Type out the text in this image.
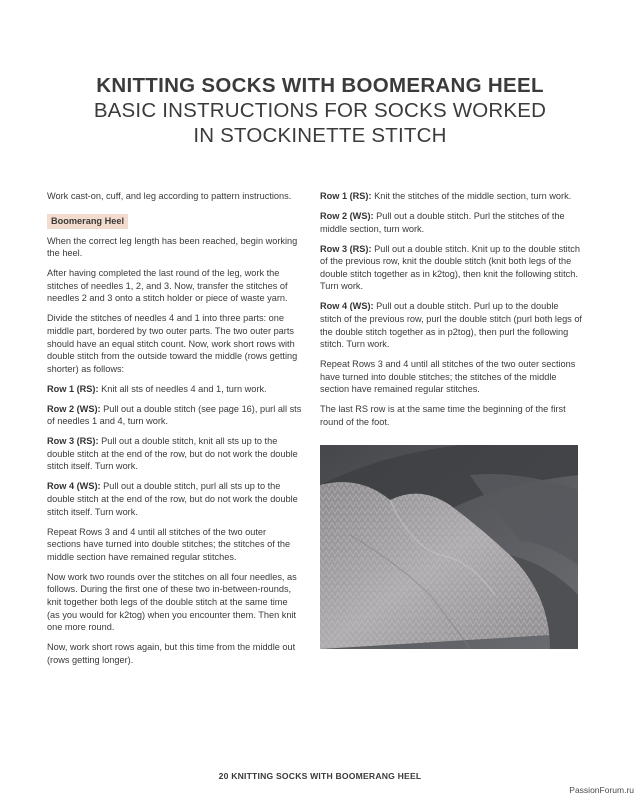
KNITTING SOCKS WITH BOOMERANG HEEL
BASIC INSTRUCTIONS FOR SOCKS WORKED
IN STOCKINETTE STITCH

Work cast-on, cuff, and leg according to pattern instructions.

Boomerang Heel

When the correct leg length has been reached, begin working the heel.

After having completed the last round of the leg, work the stitches of needles 1, 2, and 3. Now, transfer the stitches of needles 2 and 3 onto a stitch holder or piece of waste yarn.

Divide the stitches of needles 4 and 1 into three parts: one middle part, bordered by two outer parts. The two outer parts should have an equal stitch count. Now, work short rows with double stitch from the outside toward the middle (rows getting shorter) as follows:

Row 1 (RS): Knit all sts of needles 4 and 1, turn work.

Row 2 (WS): Pull out a double stitch (see page 16), purl all sts of needles 1 and 4, turn work.

Row 3 (RS): Pull out a double stitch, knit all sts up to the double stitch at the end of the row, but do not work the double stitch itself. Turn work.

Row 4 (WS): Pull out a double stitch, purl all sts up to the double stitch at the end of the row, but do not work the double stitch itself. Turn work.

Repeat Rows 3 and 4 until all stitches of the two outer sections have turned into double stitches; the stitches of the middle section have remained regular stitches.

Now work two rounds over the stitches on all four needles, as follows. During the first one of these two in-between-rounds, knit together both legs of the double stitch at the same time (as you would for k2tog) when you encounter them. Then knit one more round.

Now, work short rows again, but this time from the middle out (rows getting longer).

Row 1 (RS): Knit the stitches of the middle section, turn work.

Row 2 (WS): Pull out a double stitch. Purl the stitches of the middle section, turn work.

Row 3 (RS): Pull out a double stitch. Knit up to the double stitch of the previous row, knit the double stitch (knit both legs of the double stitch together as in k2tog), then knit the following stitch. Turn work.

Row 4 (WS): Pull out a double stitch. Purl up to the double stitch of the previous row, purl the double stitch (purl both legs of the double stitch together as in p2tog), then purl the following stitch. Turn work.

Repeat Rows 3 and 4 until all stitches of the two outer sections have turned into double stitches; the stitches of the middle section have remained regular stitches.

The last RS row is at the same time the beginning of the first round of the foot.

20 KNITTING SOCKS WITH BOOMERANG HEEL
PassionForum.ru
